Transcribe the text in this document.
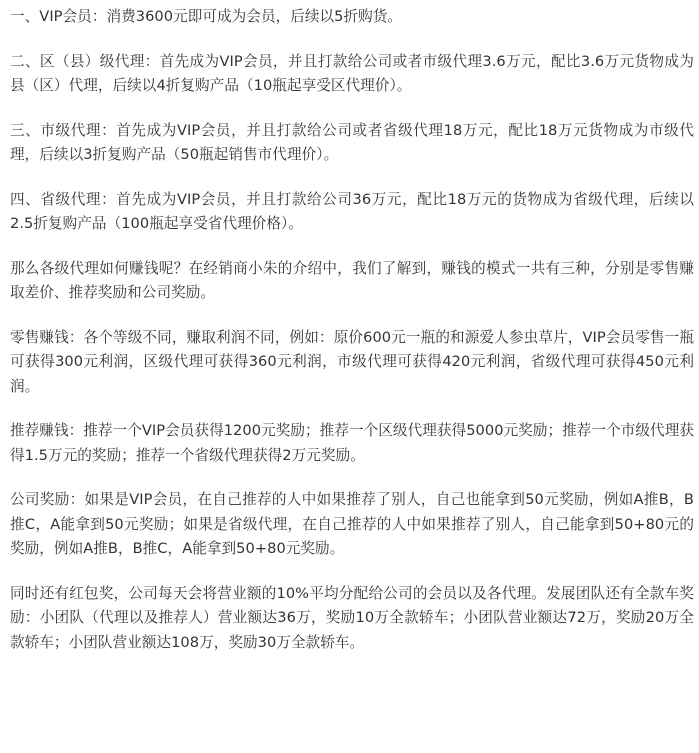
一、VIP会员：消费3600元即可成为会员，后续以5折购货。

二、区（县）级代理：首先成为VIP会员，并且打款给公司或者市级代理3.6万元，配比3.6万元货物成为县（区）代理，后续以4折复购产品（10瓶起享受区代理价）。

三、市级代理：首先成为VIP会员，并且打款给公司或者省级代理18万元，配比18万元货物成为市级代理，后续以3折复购产品（50瓶起销售市代理价）。

四、省级代理：首先成为VIP会员，并且打款给公司36万元，配比18万元的货物成为省级代理，后续以2.5折复购产品（100瓶起享受省代理价格）。

那么各级代理如何赚钱呢？在经销商小朱的介绍中，我们了解到，赚钱的模式一共有三种，分别是零售赚取差价、推荐奖励和公司奖励。

零售赚钱：各个等级不同，赚取利润不同，例如：原价600元一瓶的和源爱人参虫草片，VIP会员零售一瓶可获得300元利润，区级代理可获得360元利润，市级代理可获得420元利润，省级代理可获得450元利润。

推荐赚钱：推荐一个VIP会员获得1200元奖励；推荐一个区级代理获得5000元奖励；推荐一个市级代理获得1.5万元的奖励；推荐一个省级代理获得2万元奖励。

公司奖励：如果是VIP会员，在自己推荐的人中如果推荐了别人，自己也能拿到50元奖励，例如A推B，B推C，A能拿到50元奖励；如果是省级代理，在自己推荐的人中如果推荐了别人，自己能拿到50+80元的奖励，例如A推B，B推C，A能拿到50+80元奖励。

同时还有红包奖，公司每天会将营业额的10%平均分配给公司的会员以及各代理。发展团队还有全款车奖励：小团队（代理以及推荐人）营业额达36万，奖励10万全款轿车；小团队营业额达72万，奖励20万全款轿车；小团队营业额达108万，奖励30万全款轿车。
